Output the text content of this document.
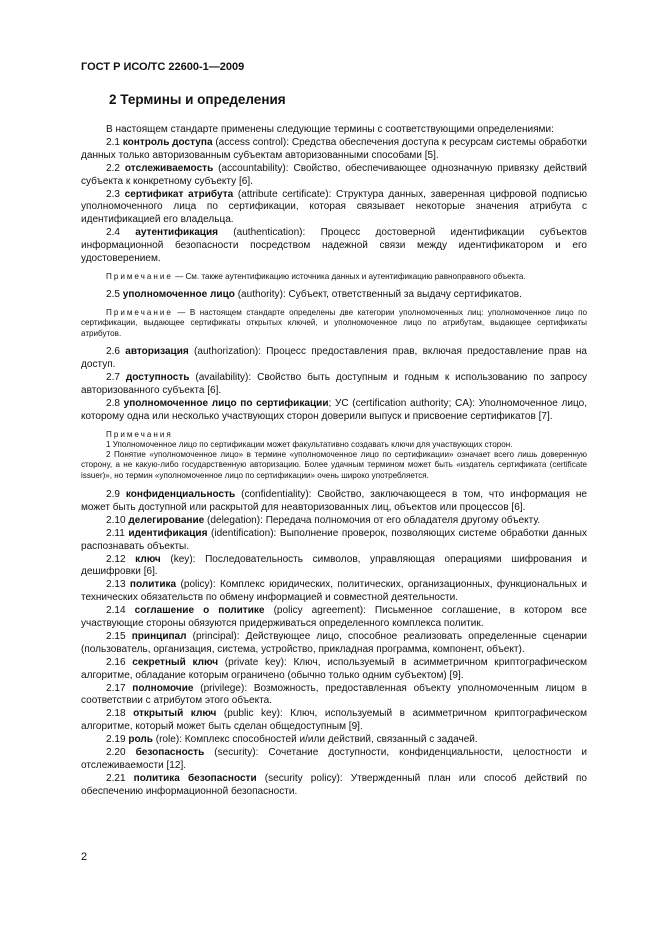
ГОСТ Р ИСО/ТС 22600-1—2009
2 Термины и определения

В настоящем стандарте применены следующие термины с соответствующими определениями:

2.1 контроль доступа (access control): Средства обеспечения доступа к ресурсам системы обработки данных только авторизованным субъектам авторизованными способами [5].

2.2 отслеживаемость (accountability): Свойство, обеспечивающее однозначную привязку действий субъекта к конкретному субъекту [6].

2.3 сертификат атрибута (attribute certificate): Структура данных, заверенная цифровой подписью уполномоченного лица по сертификации, которая связывает некоторые значения атрибута с идентификацией его владельца.

2.4 аутентификация (authentication): Процесс достоверной идентификации субъектов информационной безопасности посредством надежной связи между идентификатором и его удостоверением.

Примечание — См. также аутентификацию источника данных и аутентификацию равноправного объекта.

2.5 уполномоченное лицо (authority): Субъект, ответственный за выдачу сертификатов.

Примечание — В настоящем стандарте определены две категории уполномоченных лиц: уполномоченное лицо по сертификации, выдающее сертификаты открытых ключей, и уполномоченное лицо по атрибутам, выдающее сертификаты атрибутов.

2.6 авторизация (authorization): Процесс предоставления прав, включая предоставление прав на доступ.

2.7 доступность (availability): Свойство быть доступным и годным к использованию по запросу авторизованного субъекта [6].

2.8 уполномоченное лицо по сертификации; УС (certification authority; CA): Уполномоченное лицо, которому одна или несколько участвующих сторон доверили выпуск и присвоение сертификатов [7].

Примечания

1 Уполномоченное лицо по сертификации может факультативно создавать ключи для участвующих сторон.

2 Понятие «уполномоченное лицо» в термине «уполномоченное лицо по сертификации» означает всего лишь доверенную сторону, а не какую-либо государственную авторизацию. Более удачным термином может быть «издатель сертификата (certificate issuer)», но термин «уполномоченное лицо по сертификации» очень широко употребляется.

2.9 конфиденциальность (confidentiality): Свойство, заключающееся в том, что информация не может быть доступной или раскрытой для неавторизованных лиц, объектов или процессов [6].

2.10 делегирование (delegation): Передача полномочия от его обладателя другому объекту.

2.11 идентификация (identification): Выполнение проверок, позволяющих системе обработки данных распознавать объекты.

2.12 ключ (key): Последовательность символов, управляющая операциями шифрования и дешифровки [6].

2.13 политика (policy): Комплекс юридических, политических, организационных, функциональных и технических обязательств по обмену информацией и совместной деятельности.

2.14 соглашение о политике (policy agreement): Письменное соглашение, в котором все участвующие стороны обязуются придерживаться определенного комплекса политик.

2.15 принципал (principal): Действующее лицо, способное реализовать определенные сценарии (пользователь, организация, система, устройство, прикладная программа, компонент, объект).

2.16 секретный ключ (private key): Ключ, используемый в асимметричном криптографическом алгоритме, обладание которым ограничено (обычно только одним субъектом) [9].

2.17 полномочие (privilege): Возможность, предоставленная объекту уполномоченным лицом в соответствии с атрибутом этого объекта.

2.18 открытый ключ (public key): Ключ, используемый в асимметричном криптографическом алгоритме, который может быть сделан общедоступным [9].

2.19 роль (role): Комплекс способностей и/или действий, связанный с задачей.

2.20 безопасность (security): Сочетание доступности, конфиденциальности, целостности и отслеживаемости [12].

2.21 политика безопасности (security policy): Утвержденный план или способ действий по обеспечению информационной безопасности.

2
